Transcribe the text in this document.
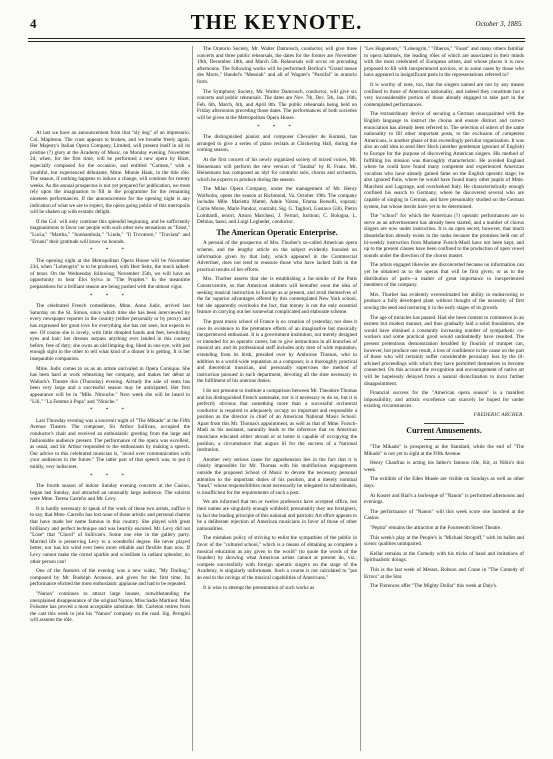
4	THE KEYNOTE.	October 3, 1885.

At last we have an announcement from that "sly dog" of an impresario, Col. Mapleson. The crust appears to broken, and we breathe freely again. Her Majesty's Italian Opera Company, Limited, will present itself in all its pristine (?) glory at the Academy of Music, on Monday evening, November 2d; when, for the first time, will be performed a new opera by Bizet, especially composed for the occasion, and entitled "Carmen," with a youthful, but experienced débutante, Mme. Minnie Hauk, in the title rôle. The season, if nothing happens to induce a change, will continue for twenty weeks. As the annual prospectus is not yet prepared for publication, we must rely upon the imagination to fill in the programme for the remaining nineteen performances. If the announcement for the opening night is any indication of what we are to expect, the opera going public of this metropolis will be shaken up with ecstatic delight.

If the Col. will only continue this splendid beginning, and be sufficiently magnanimous to favor our people with such other new sensations as "Faust," "Lucia," "Martha," "Sonnambula," "Linda," "Il Trovatore," "Traviata" and "Ernani" their gratitude will know no bounds.

* * *

The opening night at the Metropolitan Opera House will be November 23d, when "Lohengrin" is to be produced, with Herr Seitz, the much talked-of tenor. On the Wednesday following, November 25th, we will have an opportunity to hear Eloi Sylva in "The Prophet." In the meantime preparations for a brilliant season are being pushed with the utmost vigor.

* * *

The celebrated French comedienne, Mme. Anna Judic, arrived last Saturday on the St. Simon, since which time she has been interviewed by every newspaper reporter in the country (either personally or by proxy) and has expressed her great love for everything she has not seen, but expects to see. Of course she is lovely, with little dimpled hands and feet, bewitching eyes and hair; her dresses surpass anything ever landed in this country before, free of duty; she owns an old limping dog, liked in one eye, with just enough sight in the other to tell what kind of a dinner it is getting. It is her inseparable companion.

Mme. Judic comes to us as an artiste unrivaled in Opera Comique. She has been hard at work rehearsing her company, and makes her début at Wallack's Theatre this (Thursday) evening. Already the sale of seats has been very large and a successful season may be anticipated. Her first appearance will be in "Mlle. Nitouche." Next week she will be heard in "Lili," "La Femme à Papa" and "Niniche."

* * *

Last Thursday evening was a souvenir night of "The Mikado" at the Fifth Avenue Theatre. The composer, Sir Arthur Sullivan, occupied the conductor's chair and received an enthusiastic greeting from the large and fashionable audience present. The performance of the opera was excellent, as usual, and Sir Arthur responded to the enthusiasm by making a speech. Our advice to this celebrated musician is, "avoid over communication with your audiences in the future." The latter part of that speech was, to put it mildly, very indiscreet.

* * *

The fourth season of indoor Sunday evening concerts at the Casino, began last Sunday, and attracted an unusually large audience. The soloists were Mme. Teresa Carreño and Mr. Levy.

It is hardly necessary to speak of the work of these two artists, suffice it to say, that Mme. Carreño has lost none of those artistic and personal charms that have made her name famous in this country. She played with great brilliancy and perfect technique and was heartily encored. Mr. Levy did not "Lose" that "Chord" of Sullivan's. Some one else in the gallery party. Married life is preserving Levy to a wonderful degree. He never played better, nor has his wind ever been more reliable and flexible than now. If Levy cannot make the cornet sparkle and scintillate in radiant splendor, no other person can!

One of the features of the evening was a new waltz, "My Darling," composed by Mr. Rudolph Aronson, and given for the first time. Its performance elicited the most enthusiastic applause and had to be repeated.

"Nanon" continues to attract large houses, notwithstanding the unexplained disappearance of the original Nanon, Miss Sadie Martinot. Miss Folsome has proved a most acceptable substitute. Mr. Carleton retires from the cast this week to join his "Nanon" company on the road. Sig. Perugini will assume the rôle.

The Oratorio Society, Mr. Walter Damrosch, conductor, will give three concerts and three public rehearsals, the dates for the former are November 19th, December 18th, and March 5th. Rehearsals will occur on preceding afternoons. The following works will be performed: Berlioz's "Grand messe des Morts," Handel's "Messiah" and all of Wagner's "Parsifal" in oratorio form.

The Symphony Society, Mr. Walter Damrosch, conductor, will give six concerts and public rehearsals. The dates are Nov. 7th, Dec. 5th, Jan. 16th, Feb. 6th, March, 6th, and April 8th. The public rehearsals being held on Friday afternoons preceding those dates. The performances of both societies will be given at the Metropolitan Opera House.

* * *

The distinguished pianist and composer Chevalier de Kontski, has arranged to give a series of piano recitals at Chickering Hall, during the coming season.

At the first concert of his newly organized society of mixed voices, Mr. Heinemann will perform the new version of "Saraba" by R. Franz. Mr. Heinemann has composed an idyl for contralto solo, chorus and orchestra, which he expects to produce during the season.

The Milan Opera Company, under the management of Mr. Henry Wolfsohn, opens the season at Richmond, Va. October 19th. The company includes Mlle. Marietta Mattel, Adele Varani, Emma Borselli, soprani; Carrie Morse, Marie Pandoz, contralti; Sig. G. Tagliori, Gustavo Gilli, Pietro Lombardi, tenori; Arturo Marchesi, J. Ferrari, baritoni; C. Bologna, L. Delmas, bassi; and Luigi Logheder, conductor.

The American Operatic Enterprise.

A perusal of the prospectus of Mrs. Thurber's so-called American opera scheme, and the lengthy article on the subject evidently founded on information given by that lady, which appeared in the Commercial Advertiser, does not tend to reassure those who have lacked faith in the practical results of her efforts.

Mrs. Thurber asserts that she is establishing a fac-simile of the Paris Conservatoire, so that American students will hereafter soon the idea of seeking musical instruction in Europe as at present, and avail themselves of the far superior advantages offered by this contemplated New York school, but she apparently overlooks the fact, that money is not the only essential feature in carrying out her somewhat complicated and elaborate scheme.

The great music school of France is no creation of yesterday, nor does it owe its existence to the premature efforts of an imaginative but musically inexperienced enthusiast. It is a government institution, not merely designed or intended for an operatic career, but to give instructions in all branches of musical art, and its professional staff includes only men of wide reputation, extending from its birth, presided over by Ambroise Thomas, who in addition to a world-wide reputation as a composer, is a thoroughly practical and theoretical musician, and personally supervises the method of instruction pursued in each department, devoting all the time necessary to the fulfilment of his onerous duties.

I do not presume to institute a comparison between Mr. Theodore Thomas and his distinguished French namesake, nor is it necessary to do so, but it is perfectly obvious that something more than a successful orchestral conductor is required to adequately occupy so important and responsible a position as the director in chief of an American National Music School. Apart from this Mr. Thomas's appointment, as well as that of Mme. Fursch-Madi as his assistant, naturally leads to the inference that no American musicians educated either abroad or at home is capable of occupying the position, a circumstance that augurs ill for the success of a National Institution.

Another very serious cause for apprehension lies in the fact that it is clearly impossible for Mr. Thomas with his multifarious engagements outside the proposed School of Music to devote the necessary personal attention to the important duties of his position, and a merely nominal "head," whose responsibilities must necessarily be relegated to subordinates, is insufficient for the requirements of such a post.

We are informed that ten or twelve professors have accepted office, but their names are singularly enough withheld; presumably they are foreigners, in fact the leading principle of this national and patriotic Art effort appears to be a deliberate rejection of American musicians in favor of those of other nationalities.

The mistaken policy of striving to enlist the sympathies of the public in favor of the "cultured school," which is a means of obtaining as complete a musical education as any given in the world" (to quote the words of the founder) by showing what American artists cannot at present do, viz.: compete successfully with foreign operatic singers on the stage of the Academy, is singularly unfortunate. Such a course is not calculated to "put an end to the ravings of the musical capabilities of Americans."

It is wise to attempt the presentation of such works as

"Les Huguenots," "Lohengrin," "Oberon," "Faust" and many others familiar to opera habitués, the leading rôles of which are associated in their minds with the most celebrated of European artists, and whose places it is now proposed to fill with inexperienced novices, or in some cases by those who have appeared in insignificant parts in the representations referred to?

It is worthy of note, too, that the singers named are not by any means confined to those of American nationality, and indeed they constitute but a very inconsiderable portion of those already engaged to take part in the contemplated performances.

The extraordinary device of securing a German unacquainted with the English language to instruct the chorus and ensure distinct and correct enunciation has already been referred to. The selection of others of the same nationality to fill other important posts, to the exclusion of competent Americans, is another phase of this exceedingly peculiar organization. It was also an odd idea to send Herr Hoch (another gentleman ignorant of English) to Europe for the purpose of discovering American singers. His method of fulfilling his mission was thoroughly characteristic. He avoided England where he could have found many competent and experienced American vocalists who have already gained fame on the English operatic stage; he also ignored Paris, where he would have found many other pupils of Mme. Marchesi and Lagrange, and overlooked Italy. He characteristically enough confined his search to Germany, where he discovered several who are capable of singing in German, and have presumably studied on the German system, but whose merits have yet to be determined.

The "school" for which the American (?) operatic performances are to serve as an advertisement has already been started, and a number of chorus singers are now under instruction. It is an open secret, however, that much dissatisfaction already exists in the ranks because the promises held out of bi-weekly instruction from Madame Fursch-Madi have not been kept, and up to the present classes have been confined to the production of open vowel sounds under the direction of the chorus master.

The artists engaged likewise are disconcerted because no information can yet be obtained as to the operas that will be first given, or as to the distribution of parts—a matter of great importance to inexperienced members of the company.

Mrs. Thurber has evidently overestimated her ability in endeavoring to produce a fully developed plant without thought of the necessity of first sowing the seed and nurturing it in the early stages of its growth.

The age of miracles has passed. Had she been content to commence in an earnest but modest manner, and thus gradually laid a solid foundation, she would have obtained a constantly increasing number of sympathetic co-workers and some practical good would undoubtedly have resulted. The present pretentious demonstration heralded by flourish of trumpet can, however, but produce one result, a loss of confidence in the cause on the part of those who will certainly suffer considerable pecuniary loss by the ill-advised proceedings with which they have permitted themselves to become connected. On this account the recognition and encouragement of native art will be hopelessly delayed from a natural disinclination to incur further disappointment.

Financial success for the "American opera season" is a manifest impossibility, and artistic excellence can scarcely be hoped for under existing circumstances.

FREDERIC ARCHER.
Current Amusements.

"The Mikado" is prospering at the Standard, while the end of "The Mikado" is not yet in sight at the Fifth Avenue.

Henry Chanfrau is acting his father's famous rôle, Kit, at Niblo's this week.

The exhibits of the Eden Musée are visible on Sundays as well as other days.

At Koster and Bial's a burlesque of "Nanon" is performed afternoons and evenings.

The performance of "Nanon" will this week score one hundred at the Casino.

"Pepita" remains the attraction at the Fourteenth Street Theatre.

This week's play at the People's is "Michael Strogoff," with its ballet and scenic qualities unimpaired.

Kellar remains at the Comedy with his tricks of hand and imitations of Spiritualistic doings.

This is the last week of Messrs. Robson and Crane in "The Comedy of Errors" at the Star.

The Florences offer "The Mighty Dollar" this week at Daly's.
